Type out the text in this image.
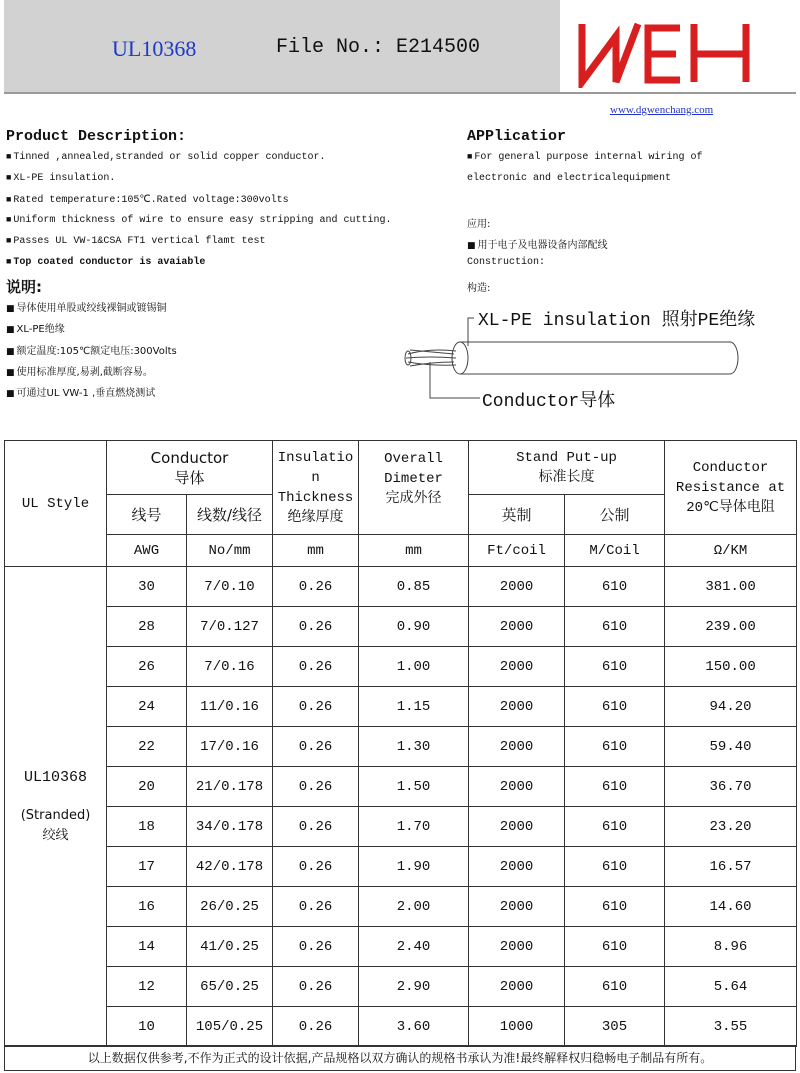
UL10368	File No.: E214500
WCH
www.dgwenchang.com
Product Description:
■ Tinned ,annealed,stranded or solid copper conductor.
■ XL-PE insulation.
■ Rated temperature:105℃.Rated voltage:300volts
■ Uniform thickness of wire to ensure easy stripping and cutting.
■ Passes UL VW-1&CSA FT1 vertical flamt test
■ Top coated conductor is avaiable
说明:
■ 导体使用单股或绞线裸铜或镀锡铜
■ XL-PE绝缘
■ 额定温度:105℃额定电压:300Volts
■ 使用标准厚度,易剥,截断容易。
■ 可通过UL VW-1 ,垂直燃烧测试
APPlicatior
■ For general purpose internal wiring of
electronic and electricalequipment
应用:
■ 用于电子及电器设备内部配线
Construction:
构造:
XL-PE insulation 照射PE绝缘
Conductor导体
UL Style	Conductor
导体		Insulatio
n
Thickness
绝缘厚度	Overall
Dimeter
完成外径	Stand Put-up
标准长度		Conductor
Resistance at
20℃导体电阻
	线号	线数/线径			英制	公制	
	AWG	No/mm	mm	mm	Ft/coil	M/Coil	Ω/KM

UL10368
(Stranded)
绞线	30	7/0.10	0.26	0.85	2000	610	381.00
	28	7/0.127	0.26	0.90	2000	610	239.00
	26	7/0.16	0.26	1.00	2000	610	150.00
	24	11/0.16	0.26	1.15	2000	610	94.20
	22	17/0.16	0.26	1.30	2000	610	59.40
	20	21/0.178	0.26	1.50	2000	610	36.70
	18	34/0.178	0.26	1.70	2000	610	23.20
	17	42/0.178	0.26	1.90	2000	610	16.57
	16	26/0.25	0.26	2.00	2000	610	14.60
	14	41/0.25	0.26	2.40	2000	610	8.96
	12	65/0.25	0.26	2.90	2000	610	5.64
	10	105/0.25	0.26	3.60	1000	305	3.55
以上数据仅供参考,不作为正式的设计依据,产品规格以双方确认的规格书承认为准!最终解释权归稳畅电子制品有所有。
